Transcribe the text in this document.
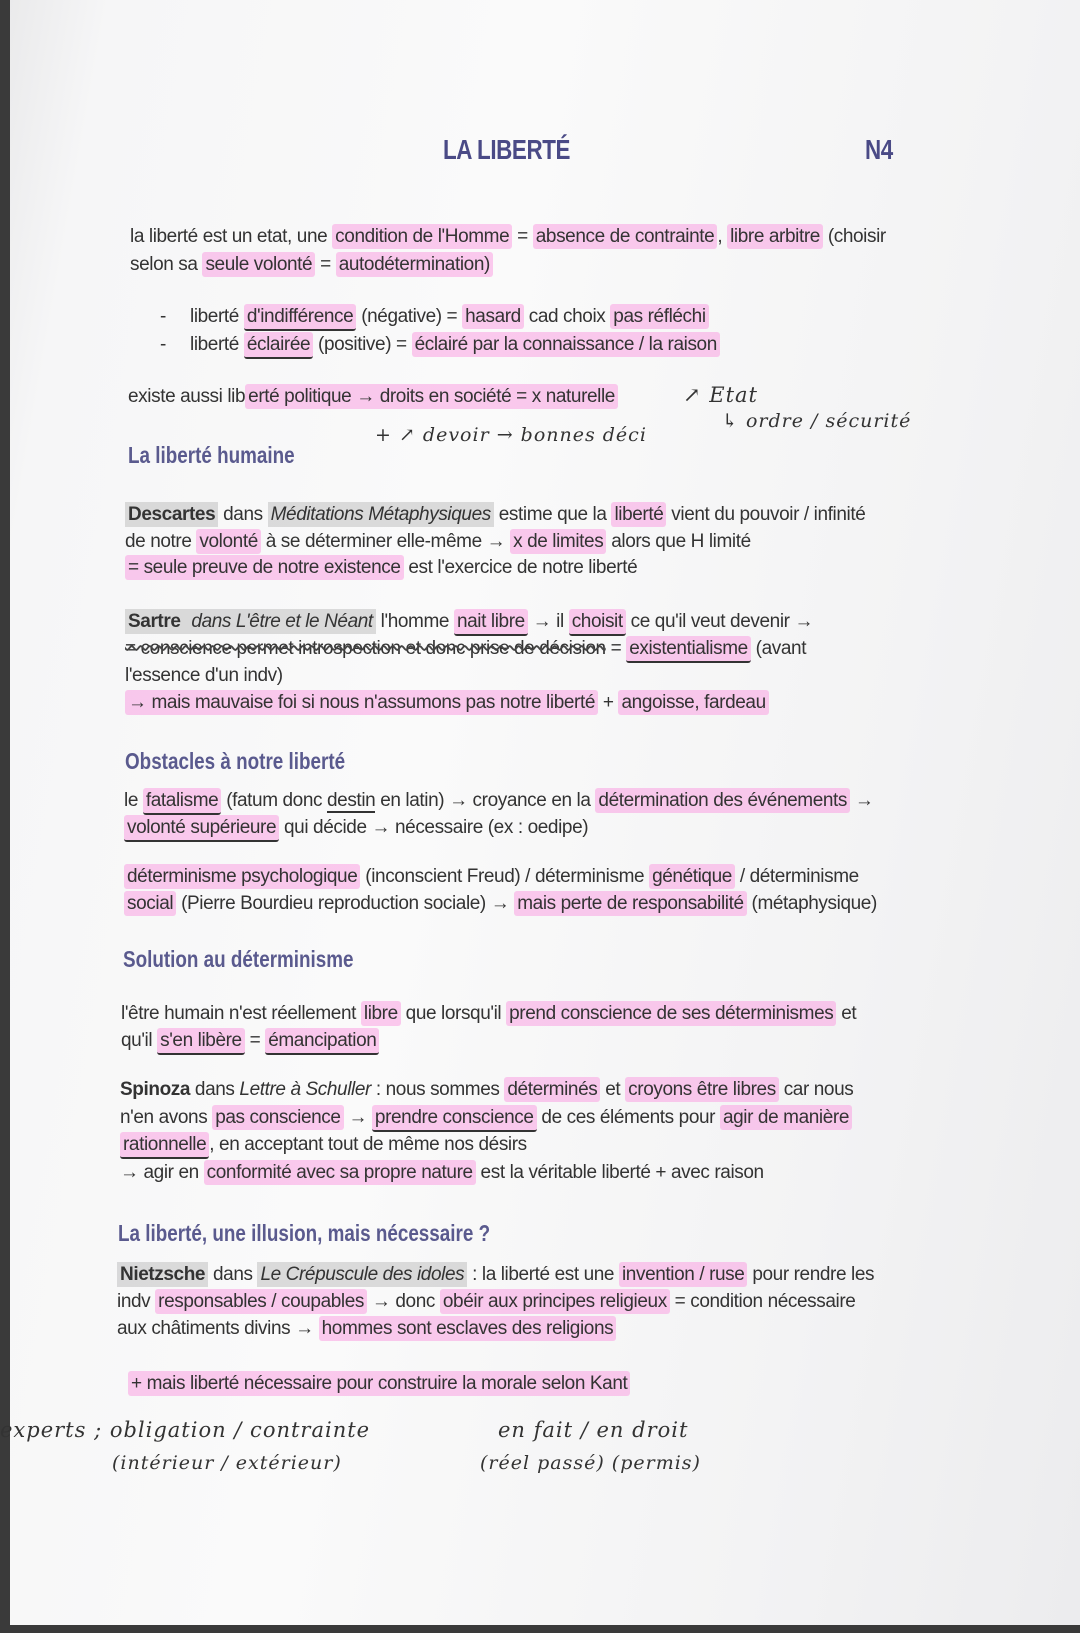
LA LIBERTÉ	N4
la liberté est un etat, une condition de l'Homme = absence de contrainte , libre arbitre (choisir
selon sa seule volonté = autodétermination)
- liberté d'indifférence (négative) = hasard cad choix pas réfléchi
- liberté éclairée (positive) = éclairé par la connaissance / la raison
existe aussi lib erté politique → droits en société = x naturelle	↗ Etat
↳ ordre / sécurité
+ ↗ devoir → bonnes déci
La liberté humaine
Descartes dans Méditations Métaphysiques estime que la liberté vient du pouvoir / infinité
de notre volonté à se déterminer elle-même → x de limites alors que H limité
= seule preuve de notre existence est l'exercice de notre liberté
Sartre dans L'être et le Néant l'homme nait libre → il choisit ce qu'il veut devenir →
= conscience permet introspection et donc prise de décision = existentialisme (avant
l'essence d'un indv)
→ mais mauvaise foi si nous n'assumons pas notre liberté + angoisse, fardeau
Obstacles à notre liberté
le fatalisme (fatum donc destin en latin) → croyance en la détermination des événements →
volonté supérieure qui décide → nécessaire (ex : oedipe)
déterminisme psychologique (inconscient Freud) / déterminisme génétique / déterminisme
social (Pierre Bourdieu reproduction sociale) → mais perte de responsabilité (métaphysique)
Solution au déterminisme
l'être humain n'est réellement libre que lorsqu'il prend conscience de ses déterminismes et
qu'il s'en libère = émancipation
Spinoza dans Lettre à Schuller : nous sommes déterminés et croyons être libres car nous
n'en avons pas conscience → prendre conscience de ces éléments pour agir de manière
rationnelle , en acceptant tout de même nos désirs
→ agir en conformité avec sa propre nature est la véritable liberté + avec raison
La liberté, une illusion, mais nécessaire ?
Nietzsche dans Le Crépuscule des idoles : la liberté est une invention / ruse pour rendre les
indv responsables / coupables → donc obéir aux principes religieux = condition nécessaire
aux châtiments divins → hommes sont esclaves des religions
+ mais liberté nécessaire pour construire la morale selon Kant
experts ; obligation / contrainte
(intérieur / extérieur)
en fait / en droit
(réel passé) (permis)
